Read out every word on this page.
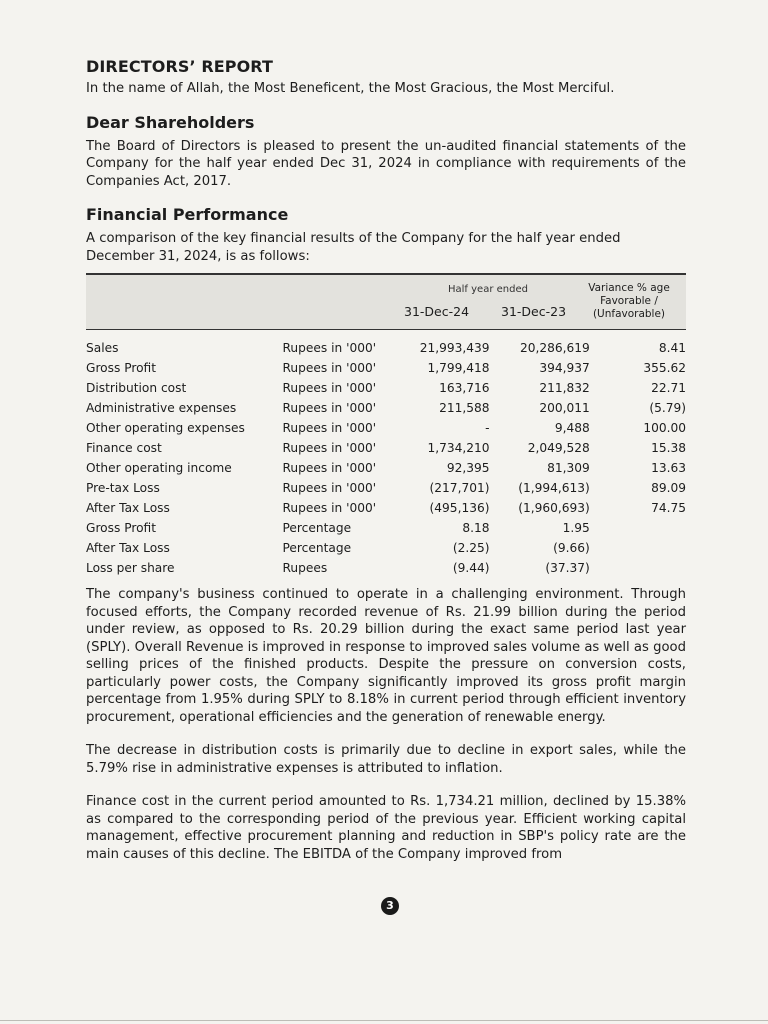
DIRECTORS’ REPORT

In the name of Allah, the Most Beneficent, the Most Gracious, the Most Merciful.

Dear Shareholders

The Board of Directors is pleased to present the un-audited financial statements of the Company for the half year ended Dec 31, 2024 in compliance with requirements of the Companies Act, 2017.

Financial Performance

A comparison of the key financial results of the Company for the half year ended December 31, 2024, is as follows:

Half year ended
31-Dec-24	31-Dec-23
Variance % age
Favorable /
(Unfavorable)
Sales	Rupees in '000'	21,993,439	20,286,619	8.41
Gross Profit	Rupees in '000'	1,799,418	394,937	355.62
Distribution cost	Rupees in '000'	163,716	211,832	22.71
Administrative expenses	Rupees in '000'	211,588	200,011	(5.79)
Other operating expenses	Rupees in '000'	-	9,488	100.00
Finance cost	Rupees in '000'	1,734,210	2,049,528	15.38
Other operating income	Rupees in '000'	92,395	81,309	13.63
Pre-tax Loss	Rupees in '000'	(217,701)	(1,994,613)	89.09
After Tax Loss	Rupees in '000'	(495,136)	(1,960,693)	74.75
Gross Profit	Percentage	8.18	1.95	
After Tax Loss	Percentage	(2.25)	(9.66)	
Loss per share	Rupees	(9.44)	(37.37)	

The company's business continued to operate in a challenging environment. Through focused efforts, the Company recorded revenue of Rs. 21.99 billion during the period under review, as opposed to Rs. 20.29 billion during the exact same period last year (SPLY). Overall Revenue is improved in response to improved sales volume as well as good selling prices of the finished products. Despite the pressure on conversion costs, particularly power costs, the Company significantly improved its gross profit margin percentage from 1.95% during SPLY to 8.18% in current period through efficient inventory procurement, operational efficiencies and the generation of renewable energy.

The decrease in distribution costs is primarily due to decline in export sales, while the 5.79% rise in administrative expenses is attributed to inflation.

Finance cost in the current period amounted to Rs. 1,734.21 million, declined by 15.38% as compared to the corresponding period of the previous year. Efficient working capital management, effective procurement planning and reduction in SBP's policy rate are the main causes of this decline. The EBITDA of the Company improved from

3
